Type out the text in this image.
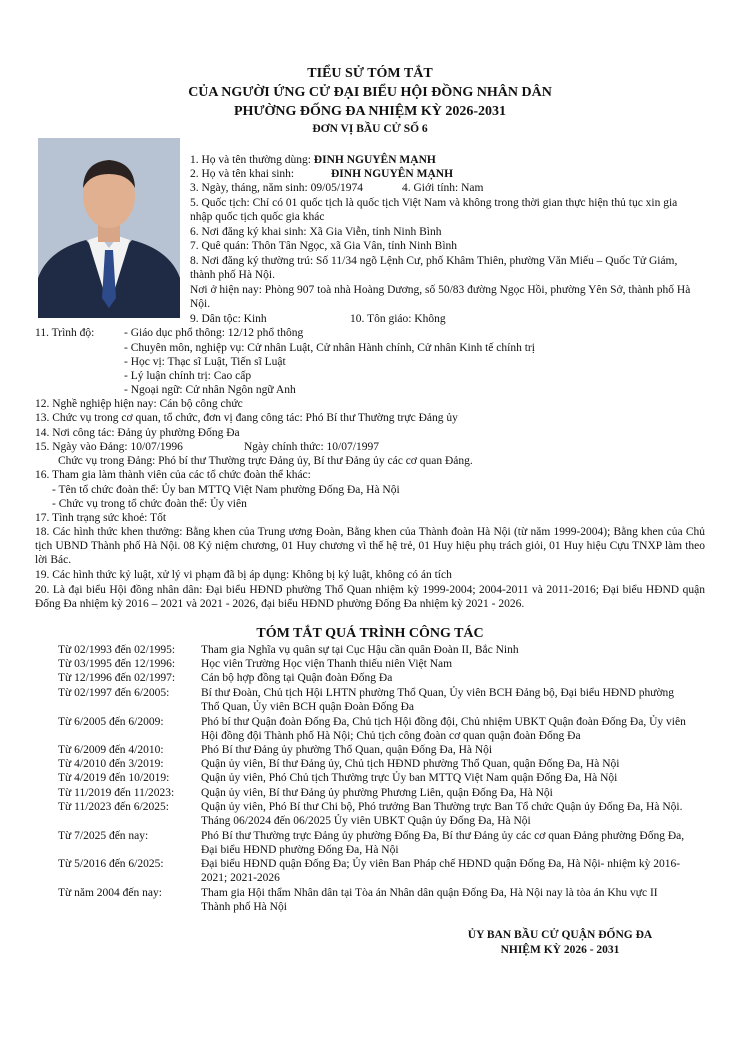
TIỂU SỬ TÓM TẮT
CỦA NGƯỜI ỨNG CỬ ĐẠI BIỂU HỘI ĐỒNG NHÂN DÂN
PHƯỜNG ĐỐNG ĐA NHIỆM KỲ 2026-2031
ĐƠN VỊ BẦU CỬ SỐ 6
1. Họ và tên thường dùng: ĐINH NGUYÊN MẠNH
2. Họ và tên khai sinh:	ĐINH NGUYÊN MẠNH
3. Ngày, tháng, năm sinh: 09/05/1974	4. Giới tính: Nam
5. Quốc tịch: Chỉ có 01 quốc tịch là quốc tịch Việt Nam và không trong thời gian thực hiện thủ tục xin gia nhập quốc tịch quốc gia khác
6. Nơi đăng ký khai sinh: Xã Gia Viễn, tỉnh Ninh Bình
7. Quê quán: Thôn Tân Ngọc, xã Gia Vân, tỉnh Ninh Bình
8. Nơi đăng ký thường trú: Số 11/34 ngõ Lệnh Cư, phố Khâm Thiên, phường Văn Miếu – Quốc Tử Giám, thành phố Hà Nội.
Nơi ở hiện nay: Phòng 907 toà nhà Hoàng Dương, số 50/83 đường Ngọc Hồi, phường Yên Sở, thành phố Hà Nội.
9. Dân tộc: Kinh	10. Tôn giáo: Không
11. Trình độ:	- Giáo dục phổ thông: 12/12 phổ thông
- Chuyên môn, nghiệp vụ: Cử nhân Luật, Cử nhân Hành chính, Cử nhân Kinh tế chính trị
- Học vị: Thạc sĩ Luật, Tiến sĩ Luật
- Lý luận chính trị: Cao cấp
- Ngoại ngữ: Cử nhân Ngôn ngữ Anh
12. Nghề nghiệp hiện nay: Cán bộ công chức
13. Chức vụ trong cơ quan, tổ chức, đơn vị đang công tác: Phó Bí thư Thường trực Đảng ủy
14. Nơi công tác: Đảng ủy phường Đống Đa
15. Ngày vào Đảng: 10/07/1996	Ngày chính thức: 10/07/1997
Chức vụ trong Đảng: Phó bí thư Thường trực Đảng ủy, Bí thư Đảng ủy các cơ quan Đảng.
16. Tham gia làm thành viên của các tổ chức đoàn thể khác:
- Tên tổ chức đoàn thể: Ủy ban MTTQ Việt Nam phường Đống Đa, Hà Nội
- Chức vụ trong tổ chức đoàn thể: Ủy viên
17. Tình trạng sức khoẻ: Tốt
18. Các hình thức khen thưởng: Bằng khen của Trung ương Đoàn, Bằng khen của Thành đoàn Hà Nội (từ năm 1999-2004); Bằng khen của Chủ tịch UBND Thành phố Hà Nội. 08 Kỷ niệm chương, 01 Huy chương vì thế hệ trẻ, 01 Huy hiệu phụ trách giỏi, 01 Huy hiệu Cựu TNXP làm theo lời Bác.
19. Các hình thức kỷ luật, xử lý vi phạm đã bị áp dụng: Không bị kỷ luật, không có án tích
20. Là đại biểu Hội đồng nhân dân: Đại biểu HĐND phường Thổ Quan nhiệm kỳ 1999-2004; 2004-2011 và 2011-2016; Đại biểu HĐND quận Đống Đa nhiệm kỳ 2016 – 2021 và 2021 - 2026, đại biểu HĐND phường Đống Đa nhiệm kỳ 2021 - 2026.
TÓM TẮT QUÁ TRÌNH CÔNG TÁC
Từ 02/1993 đến 02/1995: Tham gia Nghĩa vụ quân sự tại Cục Hậu cần quân Đoàn II, Bắc Ninh
Từ 03/1995 đến 12/1996: Học viên Trường Học viện Thanh thiếu niên Việt Nam
Từ 12/1996 đến 02/1997: Cán bộ hợp đồng tại Quận đoàn Đống Đa
Từ 02/1997 đến 6/2005:	Bí thư Đoàn, Chủ tịch Hội LHTN phường Thổ Quan, Ủy viên BCH Đảng bộ, Đại biểu HĐND phường Thổ Quan, Ủy viên BCH quận Đoàn Đống Đa
Từ 6/2005 đến 6/2009:	Phó bí thư Quận đoàn Đống Đa, Chủ tịch Hội đồng đội, Chủ nhiệm UBKT Quận đoàn Đống Đa, Ủy viên Hội đồng đội Thành phố Hà Nội; Chủ tịch công đoàn cơ quan quận đoàn Đống Đa
Từ 6/2009 đến 4/2010:	Phó Bí thư Đảng ủy phường Thổ Quan, quận Đống Đa, Hà Nội
Từ 4/2010 đến 3/2019:	Quận ủy viên, Bí thư Đảng ủy, Chủ tịch HĐND phường Thổ Quan, quận Đống Đa, Hà Nội
Từ 4/2019 đến 10/2019:	Quận ủy viên, Phó Chủ tịch Thường trực Ủy ban MTTQ Việt Nam quận Đống Đa, Hà Nội
Từ 11/2019 đến 11/2023: Quận ủy viên, Bí thư Đảng ủy phường Phương Liên, quận Đống Đa, Hà Nội
Từ 11/2023 đến 6/2025:	Quận ủy viên, Phó Bí thư Chi bộ, Phó trưởng Ban Thường trực Ban Tổ chức Quận ủy Đống Đa, Hà Nội. Tháng 06/2024 đến 06/2025 Ủy viên UBKT Quận ủy Đống Đa, Hà Nội
Từ 7/2025 đến nay:	Phó Bí thư Thường trực Đảng ủy phường Đống Đa, Bí thư Đảng ủy các cơ quan Đảng phường Đống Đa, Đại biểu HĐND phường Đống Đa, Hà Nội
Từ 5/2016 đến 6/2025:	Đại biểu HĐND quận Đống Đa; Ủy viên Ban Pháp chế HĐND quận Đống Đa, Hà Nội- nhiệm kỳ 2016-2021; 2021-2026
Từ năm 2004 đến nay:	Tham gia Hội thẩm Nhân dân tại Tòa án Nhân dân quận Đống Đa, Hà Nội nay là tòa án Khu vực II Thành phố Hà Nội
ỦY BAN BẦU CỬ QUẬN ĐỐNG ĐA
NHIỆM KỲ 2026 - 2031
